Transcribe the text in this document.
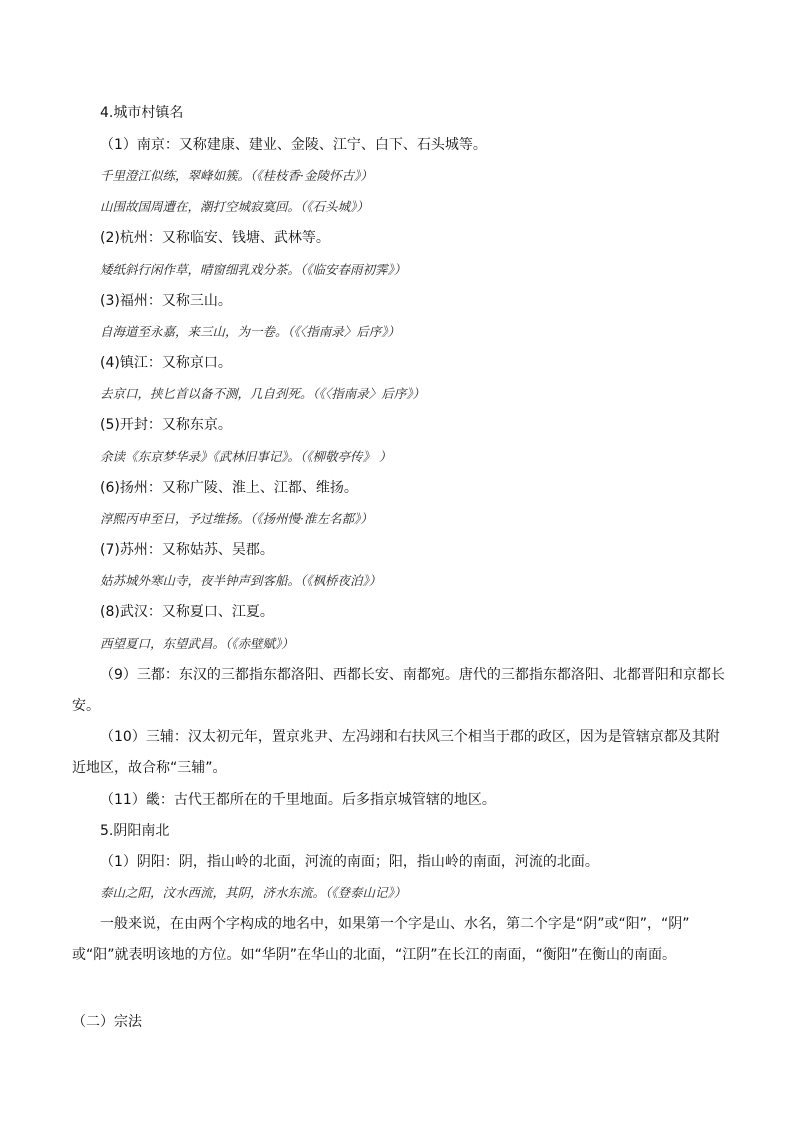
4.城市村镇名
（1）南京：又称建康、建业、金陵、江宁、白下、石头城等。
千里澄江似练，翠峰如簇。（《桂枝香·金陵怀古》）
山围故国周遭在，潮打空城寂寞回。（《石头城》）
(2)杭州：又称临安、钱塘、武林等。
矮纸斜行闲作草，晴窗细乳戏分茶。（《临安春雨初霁》）
(3)福州：又称三山。
自海道至永嘉，来三山，为一卷。（《〈指南录〉后序》）
(4)镇江：又称京口。
去京口，挟匕首以备不测，几自刭死。（《〈指南录〉后序》）
(5)开封：又称东京。
余读《东京梦华录》《武林旧事记》。（《柳敬亭传》 ）
(6)扬州：又称广陵、淮上、江都、维扬。
淳熙丙申至日，予过维扬。（《扬州慢·淮左名都》）
(7)苏州：又称姑苏、吴郡。
姑苏城外寒山寺，夜半钟声到客船。（《枫桥夜泊》）
(8)武汉：又称夏口、江夏。
西望夏口，东望武昌。（《赤壁赋》）
（9）三都：东汉的三都指东都洛阳、西都长安、南都宛。唐代的三都指东都洛阳、北都晋阳和京都长
安。
（10）三辅：汉太初元年，置京兆尹、左冯翊和右扶风三个相当于郡的政区，因为是管辖京都及其附
近地区，故合称“三辅”。
（11）畿：古代王都所在的千里地面。后多指京城管辖的地区。
5.阴阳南北
（1）阴阳：阴，指山岭的北面，河流的南面；阳，指山岭的南面，河流的北面。
泰山之阳，汶水西流，其阴，济水东流。（《登泰山记》）
一般来说，在由两个字构成的地名中，如果第一个字是山、水名，第二个字是“阴”或“阳”，“阴”
或“阳”就表明该地的方位。如“华阴”在华山的北面，“江阴”在长江的南面，“衡阳”在衡山的南面。
（二）宗法
